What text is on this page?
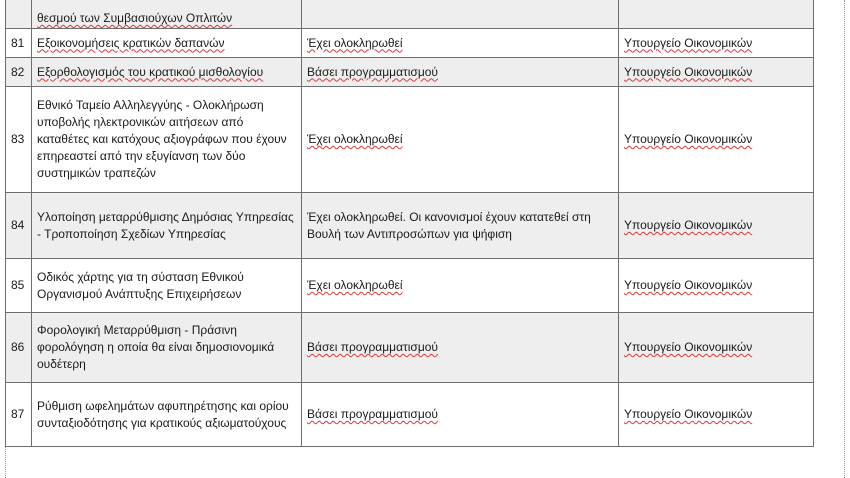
	θεσμού των Συμβασιούχων Οπλιτών		
81	Εξοικονομήσεις κρατικών δαπανών	Έχει ολοκληρωθεί	Υπουργείο Οικονομικών
82	Εξορθολογισμός του κρατικού μισθολογίου	Βάσει προγραμματισμού	Υπουργείο Οικονομικών
83	Εθνικό Ταμείο Αλληλεγγύης - Ολοκλήρωση υποβολής ηλεκτρονικών αιτήσεων από καταθέτες και κατόχους αξιογράφων που έχουν επηρεαστεί από την εξυγίανση των δύο συστημικών τραπεζών	Έχει ολοκληρωθεί	Υπουργείο Οικονομικών
84	Υλοποίηση μεταρρύθμισης Δημόσιας Υπηρεσίας - Τροποποίηση Σχεδίων Υπηρεσίας	Έχει ολοκληρωθεί. Οι κανονισμοί έχουν κατατεθεί στη Βουλή των Αντιπροσώπων για ψήφιση	Υπουργείο Οικονομικών
85	Οδικός χάρτης για τη σύσταση Εθνικού Οργανισμού Ανάπτυξης Επιχειρήσεων	Έχει ολοκληρωθεί	Υπουργείο Οικονομικών
86	Φορολογική Μεταρρύθμιση - Πράσινη φορολόγηση η οποία θα είναι δημοσιονομικά ουδέτερη	Βάσει προγραμματισμού	Υπουργείο Οικονομικών
87	Ρύθμιση ωφελημάτων αφυπηρέτησης και ορίου συνταξιοδότησης για κρατικούς αξιωματούχους	Βάσει προγραμματισμού	Υπουργείο Οικονομικών
